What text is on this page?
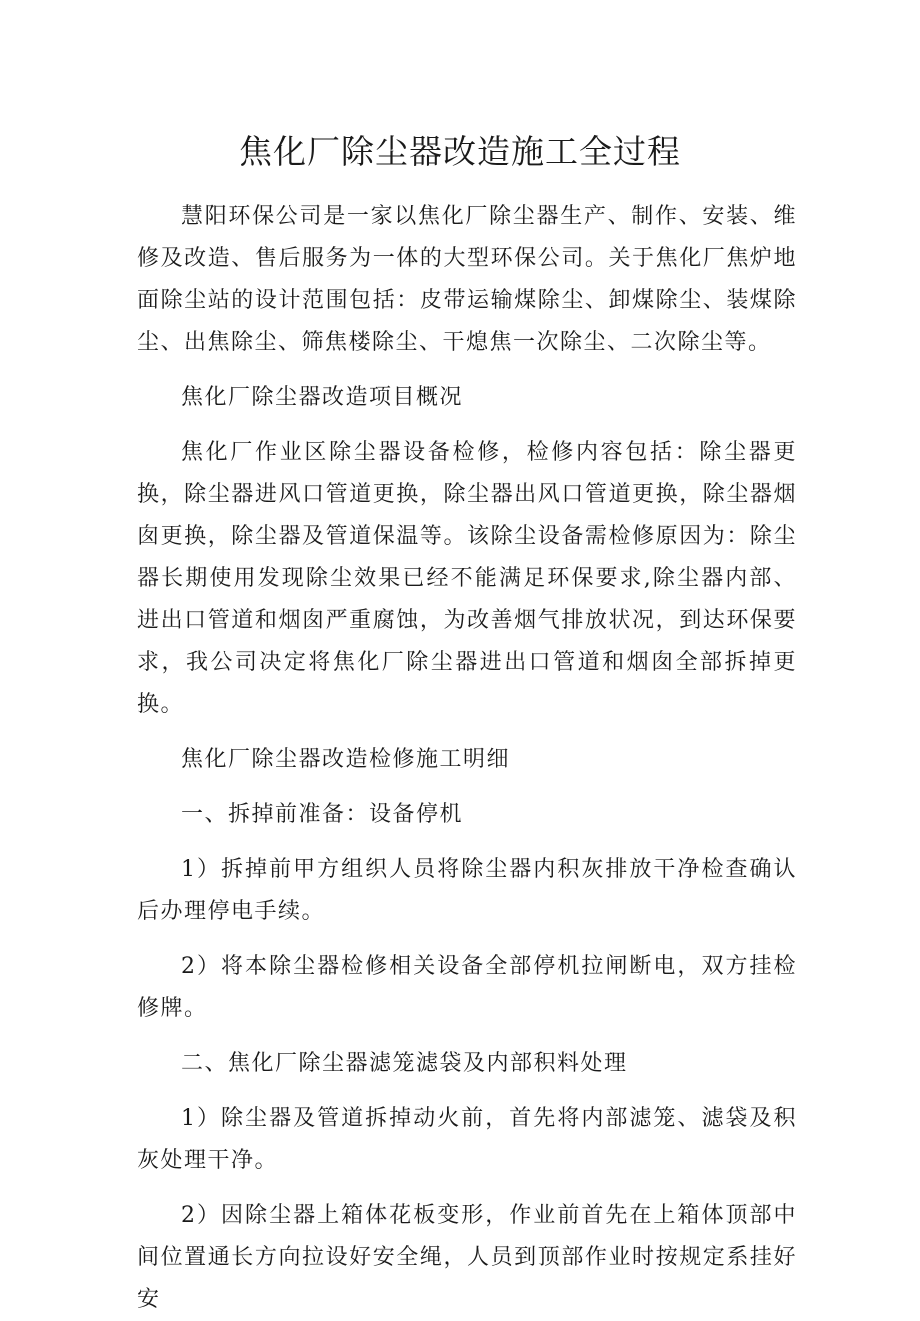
焦化厂除尘器改造施工全过程

慧阳环保公司是一家以焦化厂除尘器生产、制作、安装、维修及改造、售后服务为一体的大型环保公司。关于焦化厂焦炉地面除尘站的设计范围包括：皮带运输煤除尘、卸煤除尘、装煤除尘、出焦除尘、筛焦楼除尘、干熄焦一次除尘、二次除尘等。

焦化厂除尘器改造项目概况

焦化厂作业区除尘器设备检修，检修内容包括：除尘器更换，除尘器进风口管道更换，除尘器出风口管道更换，除尘器烟囱更换，除尘器及管道保温等。该除尘设备需检修原因为：除尘器长期使用发现除尘效果已经不能满足环保要求,除尘器内部、进出口管道和烟囱严重腐蚀，为改善烟气排放状况，到达环保要求，我公司决定将焦化厂除尘器进出口管道和烟囱全部拆掉更换。

焦化厂除尘器改造检修施工明细

一、拆掉前准备：设备停机

1）拆掉前甲方组织人员将除尘器内积灰排放干净检查确认后办理停电手续。

2）将本除尘器检修相关设备全部停机拉闸断电，双方挂检修牌。

二、焦化厂除尘器滤笼滤袋及内部积料处理

1）除尘器及管道拆掉动火前，首先将内部滤笼、滤袋及积灰处理干净。

2）因除尘器上箱体花板变形，作业前首先在上箱体顶部中间位置通长方向拉设好安全绳，人员到顶部作业时按规定系挂好安
